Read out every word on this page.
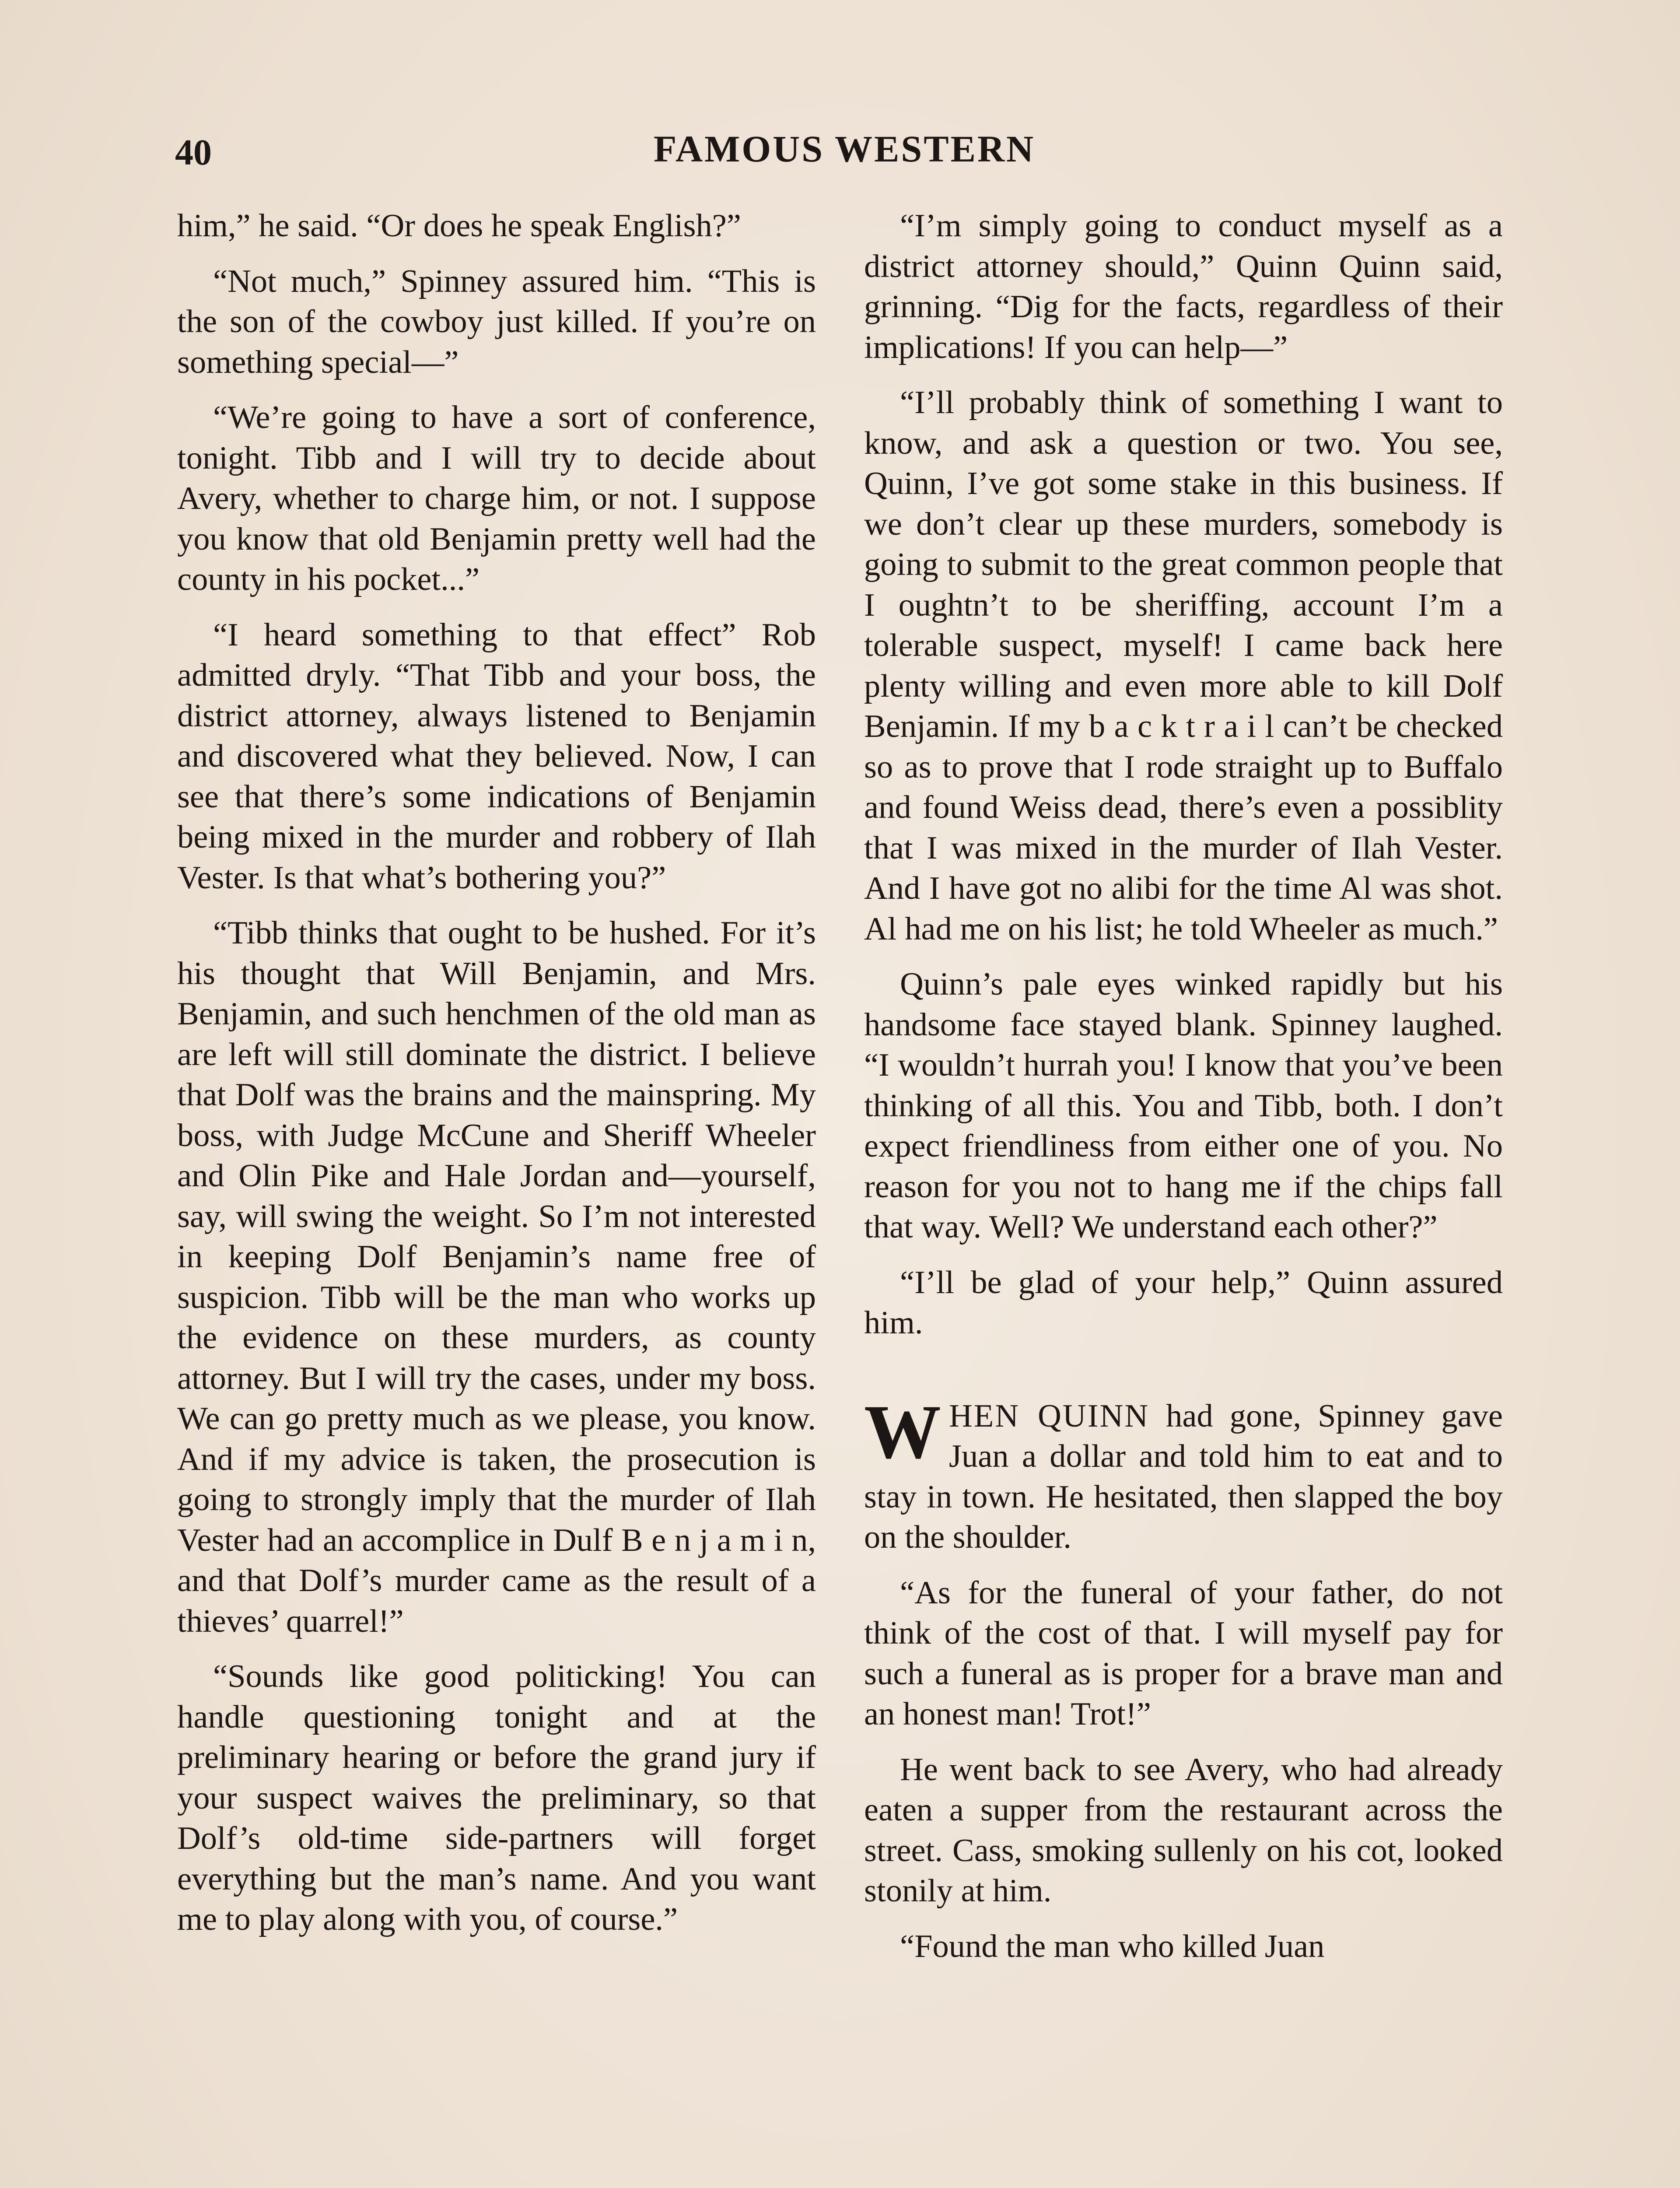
40	FAMOUS WESTERN

him,” he said. “Or does he speak English?”

“Not much,” Spinney assured him. “This is the son of the cowboy just killed. If you’re on something special—”

“We’re going to have a sort of conference, tonight. Tibb and I will try to decide about Avery, whether to charge him, or not. I suppose you know that old Benjamin pretty well had the county in his pocket...”

“I heard something to that effect” Rob admitted dryly. “That Tibb and your boss, the district attorney, always listened to Benjamin and discovered what they believed. Now, I can see that there’s some indications of Benjamin being mixed in the murder and robbery of Ilah Vester. Is that what’s bothering you?”

“Tibb thinks that ought to be hushed. For it’s his thought that Will Benjamin, and Mrs. Benjamin, and such henchmen of the old man as are left will still dominate the district. I believe that Dolf was the brains and the mainspring. My boss, with Judge McCune and Sheriff Wheeler and Olin Pike and Hale Jordan and—yourself, say, will swing the weight. So I’m not interested in keeping Dolf Benjamin’s name free of suspicion. Tibb will be the man who works up the evidence on these murders, as county attorney. But I will try the cases, under my boss. We can go pretty much as we please, you know. And if my advice is taken, the prosecution is going to strongly imply that the murder of Ilah Vester had an accomplice in Dulf B e n j a m i n, and that Dolf’s murder came as the result of a thieves’ quarrel!”

“Sounds like good politicking! You can handle questioning tonight and at the preliminary hearing or before the grand jury if your suspect waives the preliminary, so that Dolf’s old-time side-partners will forget everything but the man’s name. And you want me to play along with you, of course.”

“I’m simply going to conduct myself as a district attorney should,” Quinn Quinn said, grinning. “Dig for the facts, regardless of their implications! If you can help—”

“I’ll probably think of something I want to know, and ask a question or two. You see, Quinn, I’ve got some stake in this business. If we don’t clear up these murders, somebody is going to submit to the great common people that I oughtn’t to be sheriffing, account I’m a tolerable suspect, myself! I came back here plenty willing and even more able to kill Dolf Benjamin. If my b a c k t r a i l can’t be checked so as to prove that I rode straight up to Buffalo and found Weiss dead, there’s even a possiblity that I was mixed in the murder of Ilah Vester. And I have got no alibi for the time Al was shot. Al had me on his list; he told Wheeler as much.”

Quinn’s pale eyes winked rapidly but his handsome face stayed blank. Spinney laughed. “I wouldn’t hurrah you! I know that you’ve been thinking of all this. You and Tibb, both. I don’t expect friendliness from either one of you. No reason for you not to hang me if the chips fall that way. Well? We understand each other?”

“I’ll be glad of your help,” Quinn assured him.

WHEN QUINN had gone, Spinney gave Juan a dollar and told him to eat and to stay in town. He hesitated, then slapped the boy on the shoulder.

“As for the funeral of your father, do not think of the cost of that. I will myself pay for such a funeral as is proper for a brave man and an honest man! Trot!”

He went back to see Avery, who had already eaten a supper from the restaurant across the street. Cass, smoking sullenly on his cot, looked stonily at him.

“Found the man who killed Juan
